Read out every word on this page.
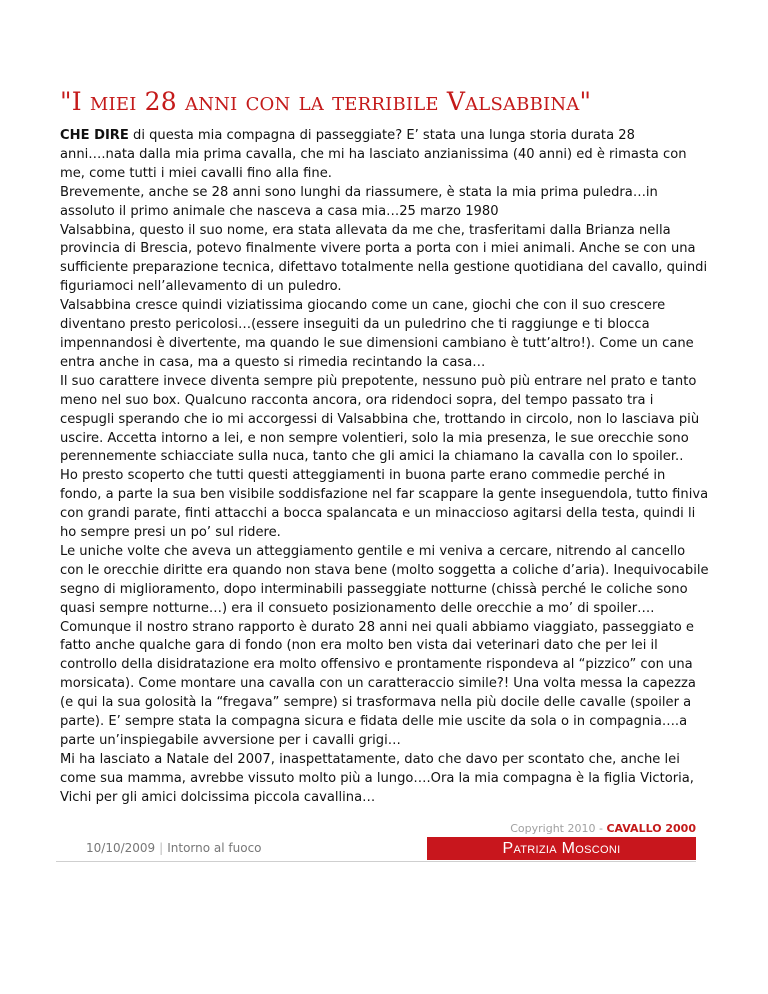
"I miei 28 anni con la terribile Valsabbina"

CHE DIRE di questa mia compagna di passeggiate? E’ stata una lunga storia durata 28 anni….nata dalla mia prima cavalla, che mi ha lasciato anzianissima (40 anni) ed è rimasta con me, come tutti i miei cavalli fino alla fine.

Brevemente, anche se 28 anni sono lunghi da riassumere, è stata la mia prima puledra…in assoluto il primo animale che nasceva a casa mia…25 marzo 1980

Valsabbina, questo il suo nome, era stata allevata da me che, trasferitami dalla Brianza nella provincia di Brescia, potevo finalmente vivere porta a porta con i miei animali. Anche se con una sufficiente preparazione tecnica, difettavo totalmente nella gestione quotidiana del cavallo, quindi figuriamoci nell’allevamento di un puledro.

Valsabbina cresce quindi viziatissima giocando come un cane, giochi che con il suo crescere diventano presto pericolosi…(essere inseguiti da un puledrino che ti raggiunge e ti blocca impennandosi è divertente, ma quando le sue dimensioni cambiano è tutt’altro!). Come un cane entra anche in casa, ma a questo si rimedia recintando la casa…

Il suo carattere invece diventa sempre più prepotente, nessuno può più entrare nel prato e tanto meno nel suo box. Qualcuno racconta ancora, ora ridendoci sopra, del tempo passato tra i cespugli sperando che io mi accorgessi di Valsabbina che, trottando in circolo, non lo lasciava più uscire. Accetta intorno a lei, e non sempre volentieri, solo la mia presenza, le sue orecchie sono perennemente schiacciate sulla nuca, tanto che gli amici la chiamano la cavalla con lo spoiler..

Ho presto scoperto che tutti questi atteggiamenti in buona parte erano commedie perché in fondo, a parte la sua ben visibile soddisfazione nel far scappare la gente inseguendola, tutto finiva con grandi parate, finti attacchi a bocca spalancata e un minaccioso agitarsi della testa, quindi li ho sempre presi un po’ sul ridere.

Le uniche volte che aveva un atteggiamento gentile e mi veniva a cercare, nitrendo al cancello con le orecchie diritte era quando non stava bene (molto soggetta a coliche d’aria). Inequivocabile segno di miglioramento, dopo interminabili passeggiate notturne (chissà perché le coliche sono quasi sempre notturne…) era il consueto posizionamento delle orecchie a mo’ di spoiler….

Comunque il nostro strano rapporto è durato 28 anni nei quali abbiamo viaggiato, passeggiato e fatto anche qualche gara di fondo (non era molto ben vista dai veterinari dato che per lei il controllo della disidratazione era molto offensivo e prontamente rispondeva al “pizzico” con una morsicata). Come montare una cavalla con un caratteraccio simile?! Una volta messa la capezza (e qui la sua golosità la “fregava” sempre) si trasformava nella più docile delle cavalle (spoiler a parte). E’ sempre stata la compagna sicura e fidata delle mie uscite da sola o in compagnia….a parte un’inspiegabile avversione per i cavalli grigi…

Mi ha lasciato a Natale del 2007, inaspettatamente, dato che davo per scontato che, anche lei come sua mamma, avrebbe vissuto molto più a lungo….Ora la mia compagna è la figlia Victoria, Vichi per gli amici dolcissima piccola cavallina…

Copyright 2010 - CAVALLO 2000
10/10/2009 | Intorno al fuoco	Patrizia Mosconi
